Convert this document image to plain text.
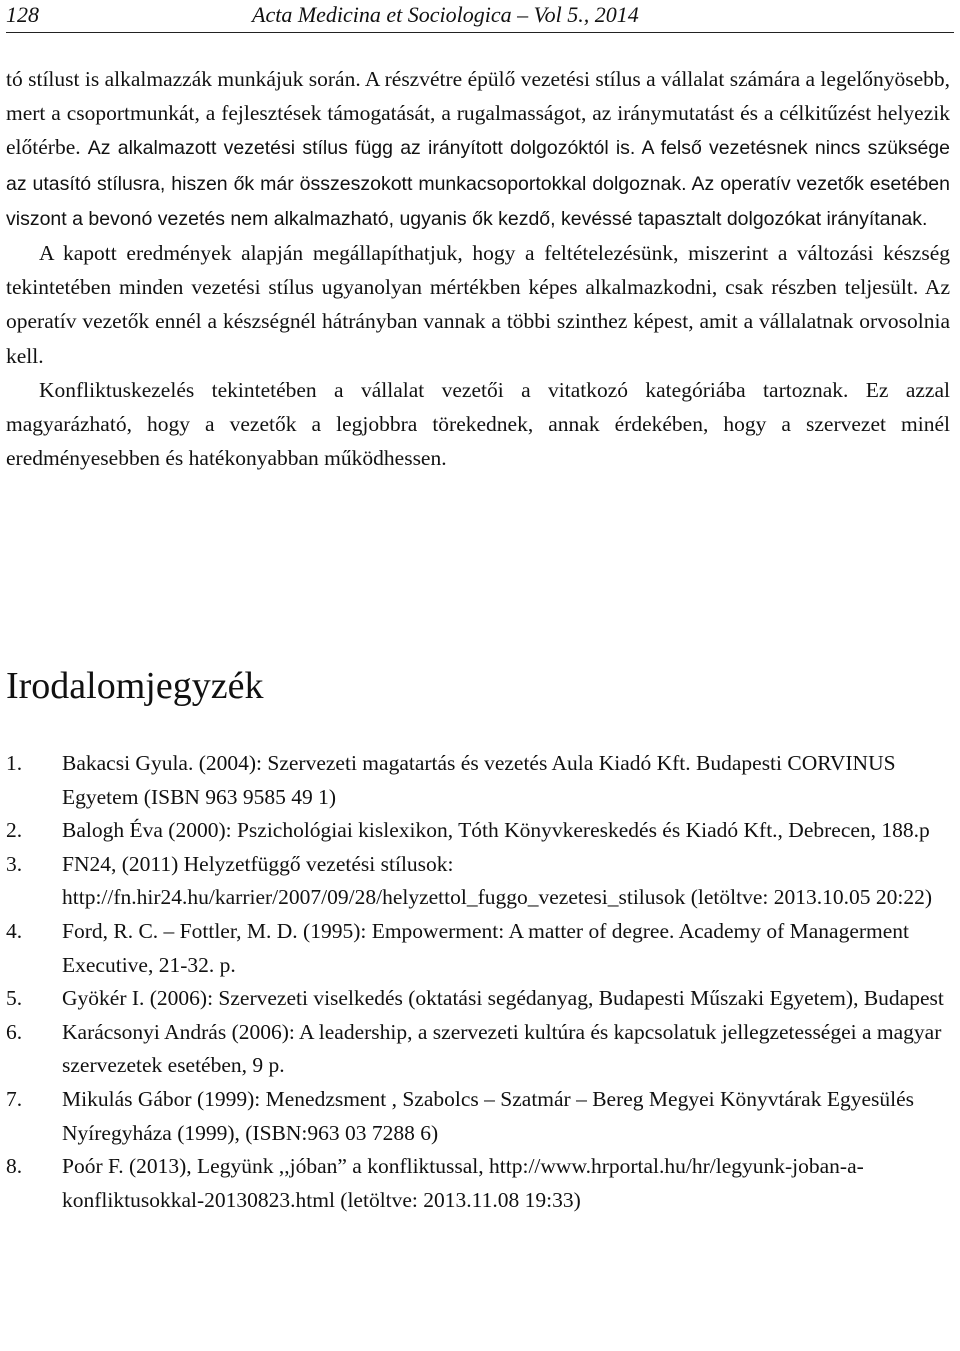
128	Acta Medicina et Sociologica – Vol 5., 2014

tó stílust is alkalmazzák munkájuk során. A részvétre épülő vezetési stílus a vállalat számára a legelőnyösebb, mert a csoportmunkát, a fejlesztések támogatását, a rugalmasságot, az iránymutatást és a célkitűzést helyezik előtérbe. Az alkalmazott vezetési stílus függ az irányított dolgozóktól is. A felső vezetésnek nincs szüksége az utasító stílusra, hiszen ők már összeszokott munkacsoportokkal dolgoznak. Az operatív vezetők esetében viszont a bevonó vezetés nem alkalmazható, ugyanis ők kezdő, kevéssé tapasztalt dolgozókat irányítanak.

A kapott eredmények alapján megállapíthatjuk, hogy a feltételezésünk, miszerint a változási készség tekintetében minden vezetési stílus ugyanolyan mértékben képes alkalmazkodni, csak részben teljesült. Az operatív vezetők ennél a készségnél hátrányban vannak a többi szinthez képest, amit a vállalatnak orvosolnia kell.

Konfliktuskezelés tekintetében a vállalat vezetői a vitatkozó kategóriába tartoznak. Ez azzal magyarázható, hogy a vezetők a legjobbra törekednek, annak érdekében, hogy a szervezet minél eredményesebben és hatékonyabban működhessen.

Irodalomjegyzék
1. Bakacsi Gyula. (2004): Szervezeti magatartás és vezetés Aula Kiadó Kft. Budapesti CORVINUS Egyetem (ISBN 963 9585 49 1)
2. Balogh Éva (2000): Pszichológiai kislexikon, Tóth Könyvkereskedés és Kiadó Kft., Debrecen, 188.p
3. FN24, (2011) Helyzetfüggő vezetési stílusok: http://fn.hir24.hu/karrier/2007/09/28/helyzettol_fuggo_vezetesi_stilusok (letöltve: 2013.10.05 20:22)
4. Ford, R. C. – Fottler, M. D. (1995): Empowerment: A matter of degree. Academy of Managerment Executive, 21-32. p.
5. Gyökér I. (2006): Szervezeti viselkedés (oktatási segédanyag, Budapesti Műszaki Egyetem), Budapest
6. Karácsonyi András (2006): A leadership, a szervezeti kultúra és kapcsolatuk jellegzetességei a magyar szervezetek esetében, 9 p.
7. Mikulás Gábor (1999): Menedzsment , Szabolcs – Szatmár – Bereg Megyei Könyvtárak Egyesülés Nyíregyháza (1999), (ISBN:963 03 7288 6)
8. Poór F. (2013), Legyünk ,,jóban” a konfliktussal, http://www.hrportal.hu/hr/legyunk-joban-a-konfliktusokkal-20130823.html (letöltve: 2013.11.08 19:33)
